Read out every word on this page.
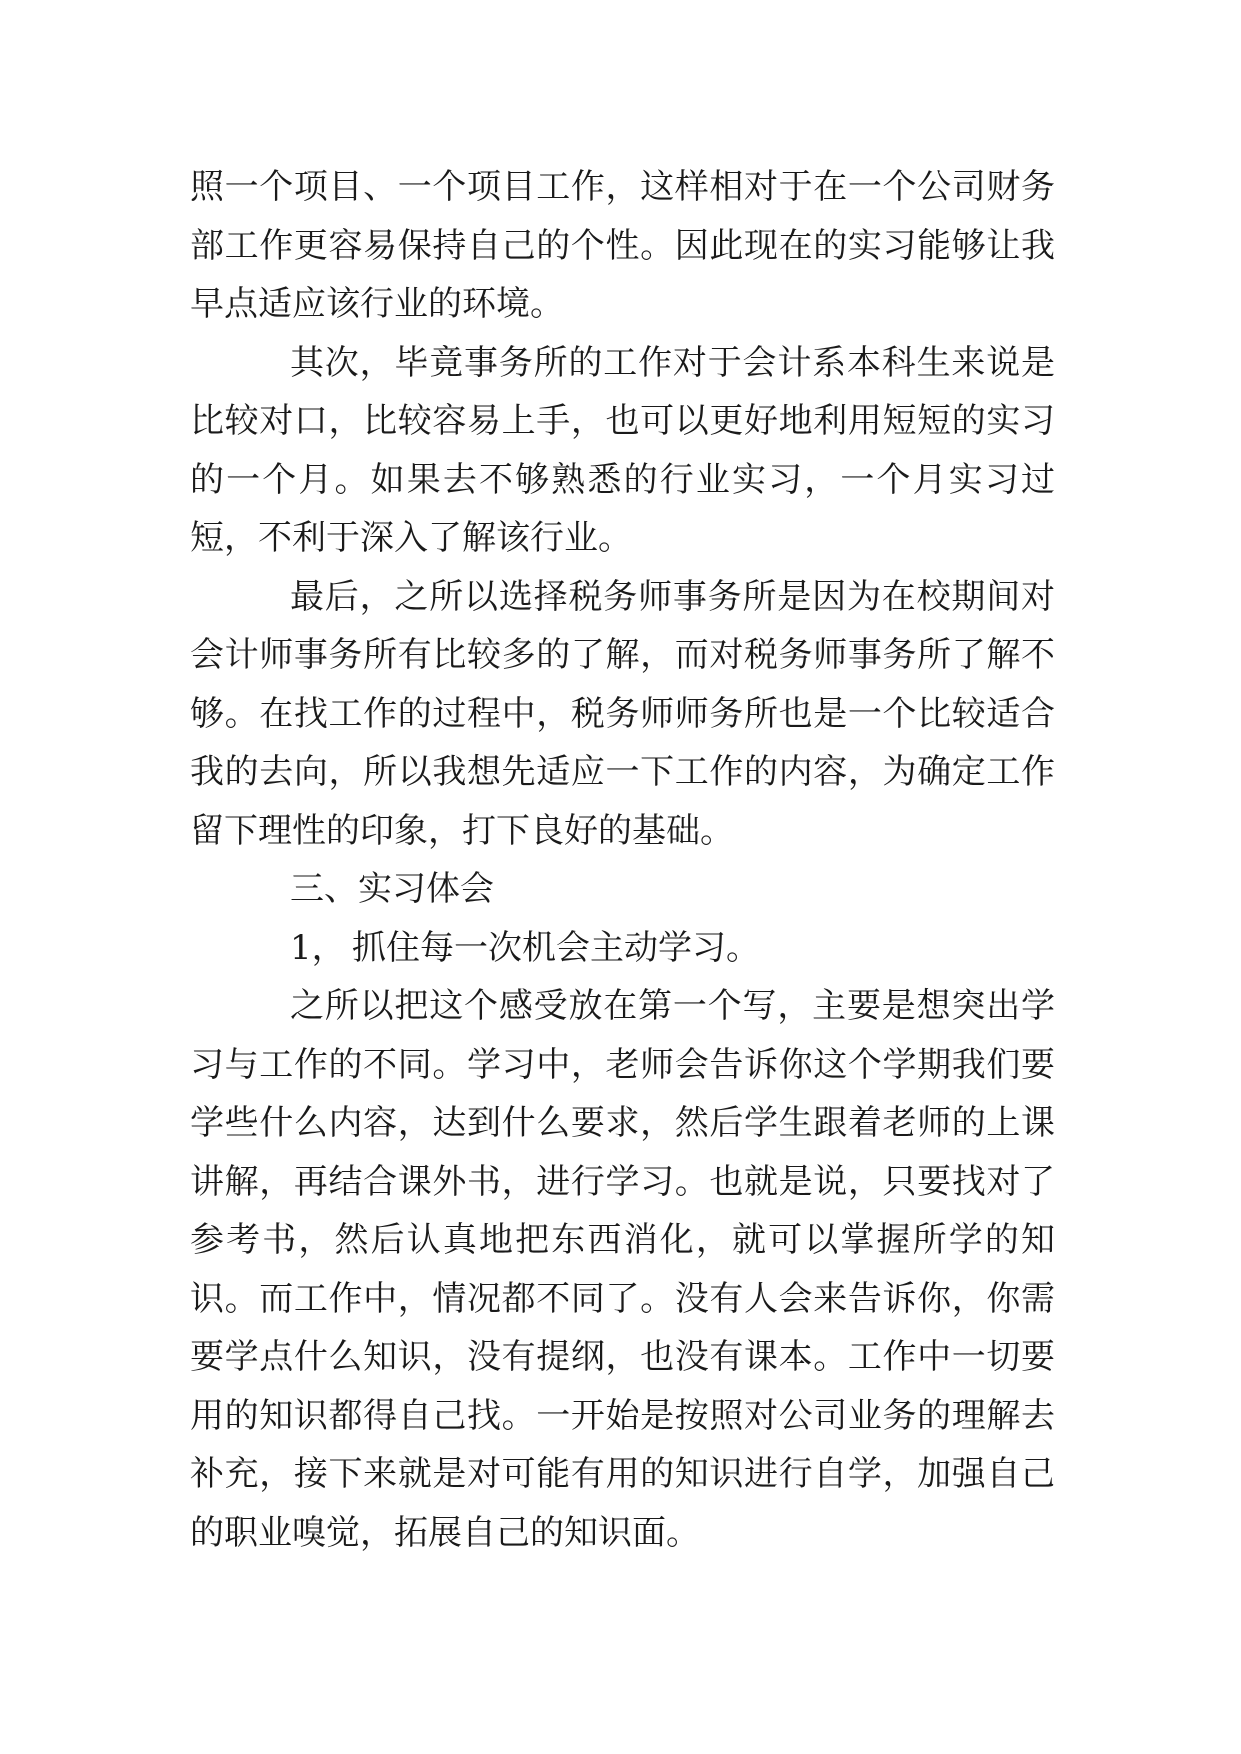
照一个项目、一个项目工作，这样相对于在一个公司财务部工作更容易保持自己的个性。因此现在的实习能够让我早点适应该行业的环境。

其次，毕竟事务所的工作对于会计系本科生来说是比较对口，比较容易上手，也可以更好地利用短短的实习的一个月。如果去不够熟悉的行业实习，一个月实习过短，不利于深入了解该行业。

最后，之所以选择税务师事务所是因为在校期间对会计师事务所有比较多的了解，而对税务师事务所了解不够。在找工作的过程中，税务师师务所也是一个比较适合我的去向，所以我想先适应一下工作的内容，为确定工作留下理性的印象，打下良好的基础。

三、实习体会

1， 抓住每一次机会主动学习。

之所以把这个感受放在第一个写，主要是想突出学习与工作的不同。学习中，老师会告诉你这个学期我们要学些什么内容，达到什么要求，然后学生跟着老师的上课讲解，再结合课外书，进行学习。也就是说，只要找对了参考书，然后认真地把东西消化，就可以掌握所学的知识。而工作中，情况都不同了。没有人会来告诉你，你需要学点什么知识，没有提纲，也没有课本。工作中一切要用的知识都得自己找。一开始是按照对公司业务的理解去补充，接下来就是对可能有用的知识进行自学，加强自己的职业嗅觉，拓展自己的知识面。
